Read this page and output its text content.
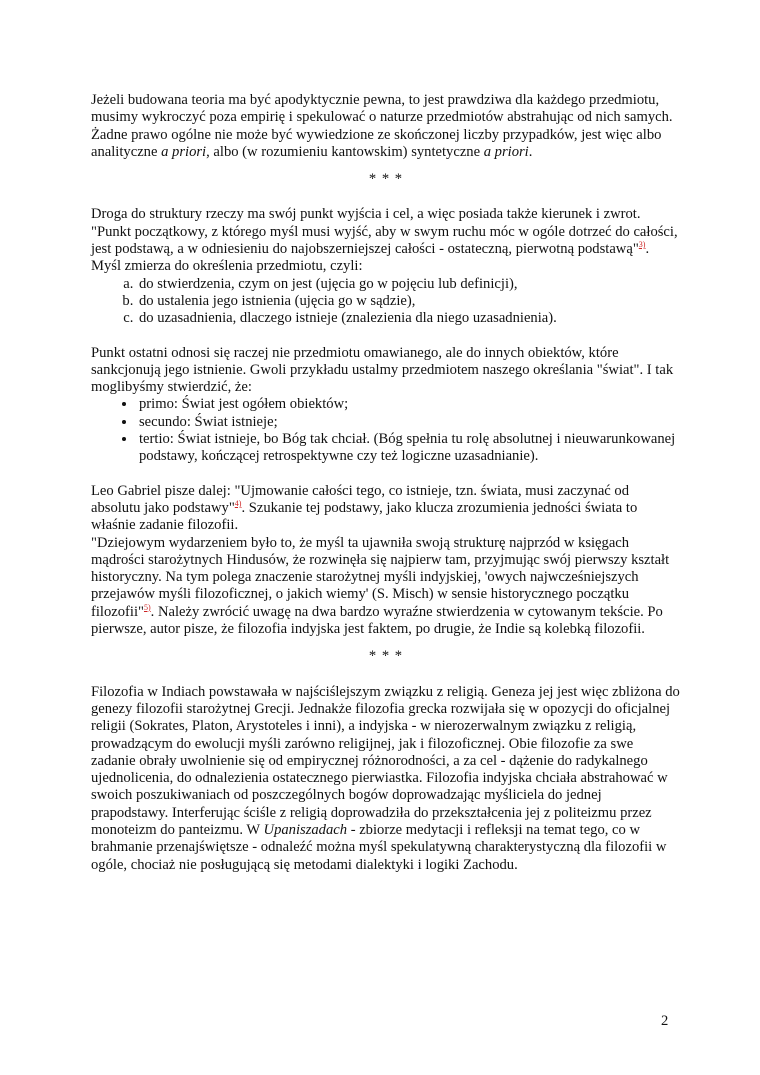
Jeżeli budowana teoria ma być apodyktycznie pewna, to jest prawdziwa dla każdego przedmiotu, musimy wykroczyć poza empirię i spekulować o naturze przedmiotów abstrahując od nich samych. Żadne prawo ogólne nie może być wywiedzione ze skończonej liczby przypadków, jest więc albo analityczne a priori, albo (w rozumieniu kantowskim) syntetyczne a priori.

* * *

Droga do struktury rzeczy ma swój punkt wyjścia i cel, a więc posiada także kierunek i zwrot. "Punkt początkowy, z którego myśl musi wyjść, aby w swym ruchu móc w ogóle dotrzeć do całości, jest podstawą, a w odniesieniu do najobszerniejszej całości - ostateczną, pierwotną podstawą"$^{3)}$. Myśl zmierza do określenia przedmiotu, czyli:

a. do stwierdzenia, czym on jest (ujęcia go w pojęciu lub definicji),
b. do ustalenia jego istnienia (ujęcia go w sądzie),
c. do uzasadnienia, dlaczego istnieje (znalezienia dla niego uzasadnienia).

Punkt ostatni odnosi się raczej nie przedmiotu omawianego, ale do innych obiektów, które sankcjonują jego istnienie. Gwoli przykładu ustalmy przedmiotem naszego określania "świat". I tak moglibyśmy stwierdzić, że:

• primo: Świat jest ogółem obiektów;
• secundo: Świat istnieje;
• tertio: Świat istnieje, bo Bóg tak chciał. (Bóg spełnia tu rolę absolutnej i nieuwarunkowanej podstawy, kończącej retrospektywne czy też logiczne uzasadnianie).

Leo Gabriel pisze dalej: "Ujmowanie całości tego, co istnieje, tzn. świata, musi zaczynać od absolutu jako podstawy"$^{4)}$. Szukanie tej podstawy, jako klucza zrozumienia jedności świata to właśnie zadanie filozofii.

"Dziejowym wydarzeniem było to, że myśl ta ujawniła swoją strukturę najprzód w księgach mądrości starożytnych Hindusów, że rozwinęła się najpierw tam, przyjmując swój pierwszy kształt historyczny. Na tym polega znaczenie starożytnej myśli indyjskiej, 'owych najwcześniejszych przejawów myśli filozoficznej, o jakich wiemy' (S. Misch) w sensie historycznego początku filozofii"$^{5)}$. Należy zwrócić uwagę na dwa bardzo wyraźne stwierdzenia w cytowanym tekście. Po pierwsze, autor pisze, że filozofia indyjska jest faktem, po drugie, że Indie są kolebką filozofii.

* * *

Filozofia w Indiach powstawała w najściślejszym związku z religią. Geneza jej jest więc zbliżona do genezy filozofii starożytnej Grecji. Jednakże filozofia grecka rozwijała się w opozycji do oficjalnej religii (Sokrates, Platon, Arystoteles i inni), a indyjska - w nierozerwalnym związku z religią, prowadzącym do ewolucji myśli zarówno religijnej, jak i filozoficznej. Obie filozofie za swe zadanie obrały uwolnienie się od empirycznej różnorodności, a za cel - dążenie do radykalnego ujednolicenia, do odnalezienia ostatecznego pierwiastka. Filozofia indyjska chciała abstrahować w swoich poszukiwaniach od poszczególnych bogów doprowadzając myśliciela do jednej prapodstawy. Interferując ściśle z religią doprowadziła do przekształcenia jej z politeizmu przez monoteizm do panteizmu. W Upaniszadach - zbiorze medytacji i refleksji na temat tego, co w brahmanie przenajświętsze - odnaleźć można myśl spekulatywną charakterystyczną dla filozofii w ogóle, chociaż nie posługującą się metodami dialektyki i logiki Zachodu.

2
